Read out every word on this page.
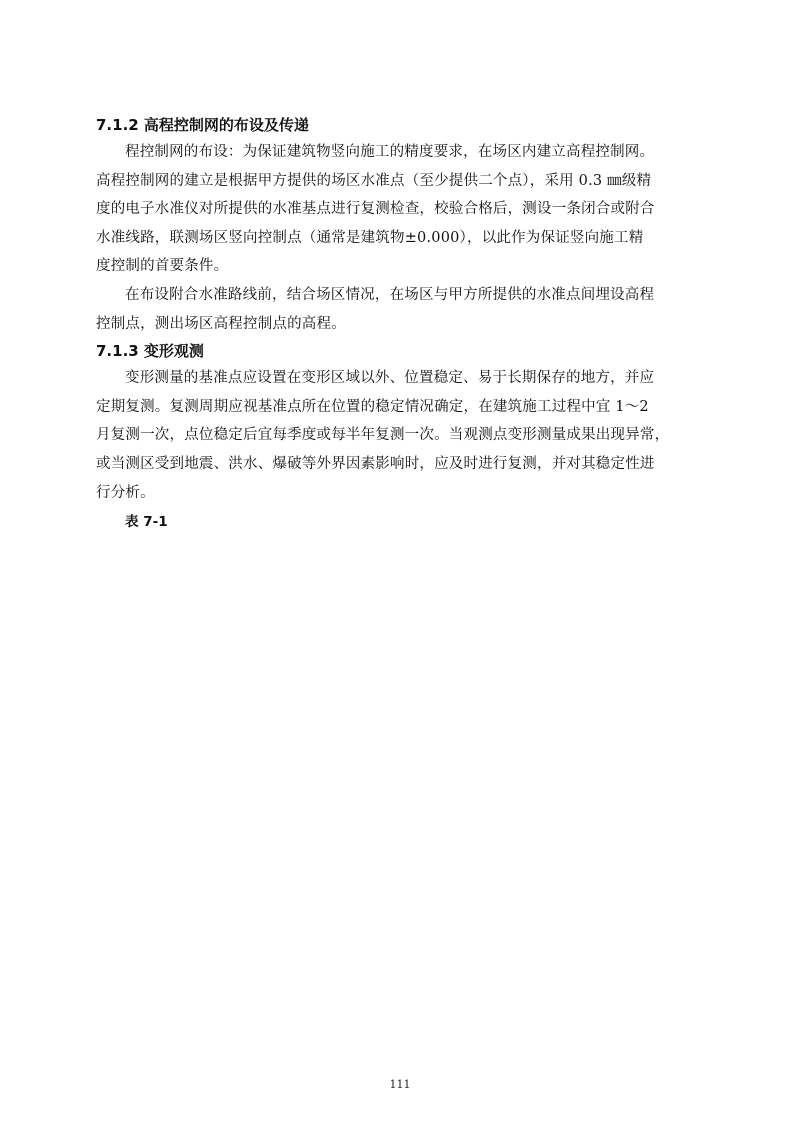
7.1.2 高程控制网的布设及传递

程控制网的布设：为保证建筑物竖向施工的精度要求，在场区内建立高程控制网。
高程控制网的建立是根据甲方提供的场区水准点（至少提供二个点），采用 0.3 ㎜级精
度的电子水准仪对所提供的水准基点进行复测检查，校验合格后，测设一条闭合或附合
水准线路，联测场区竖向控制点（通常是建筑物±0.000），以此作为保证竖向施工精
度控制的首要条件。

在布设附合水准路线前，结合场区情况，在场区与甲方所提供的水准点间埋设高程
控制点，测出场区高程控制点的高程。

7.1.3 变形观测

变形测量的基准点应设置在变形区域以外、位置稳定、易于长期保存的地方，并应
定期复测。复测周期应视基准点所在位置的稳定情况确定，在建筑施工过程中宜 1～2
月复测一次，点位稳定后宜每季度或每半年复测一次。当观测点变形测量成果出现异常，
或当测区受到地震、洪水、爆破等外界因素影响时，应及时进行复测，并对其稳定性进
行分析。

表 7-1
111
